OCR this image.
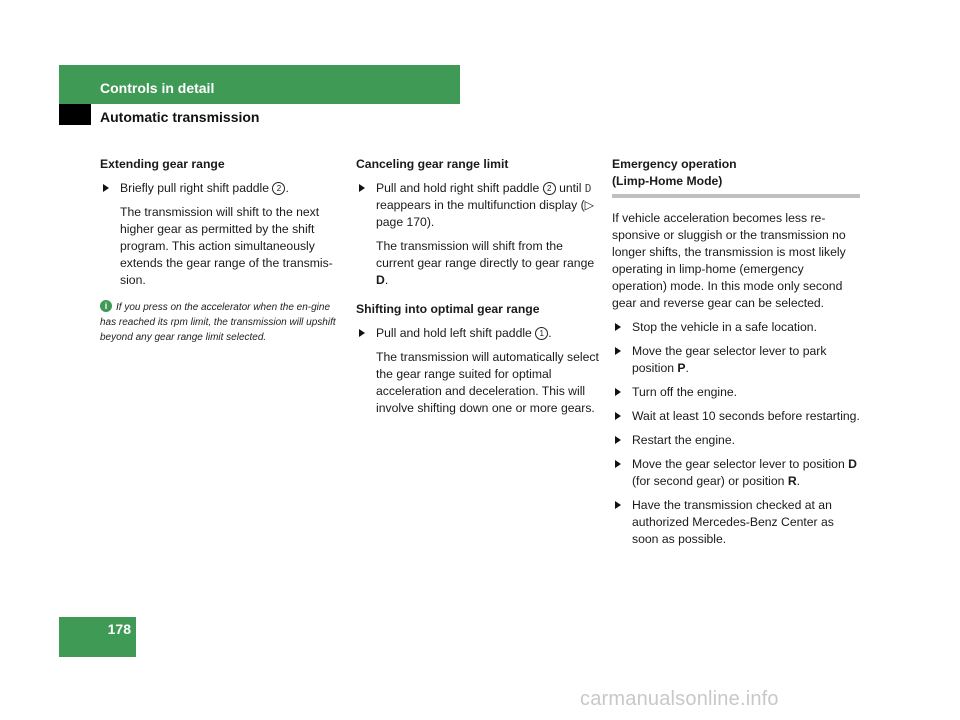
Controls in detail
Automatic transmission
178
Extending gear range
Briefly pull right shift paddle 2 .
The transmission will shift to the next higher gear as permitted by the shift program. This action simultaneously extends the gear range of the transmis-sion.
i If you press on the accelerator when the en-gine has reached its rpm limit, the transmission will upshift beyond any gear range limit selected.
Canceling gear range limit
Pull and hold right shift paddle 2 until D reappears in the multifunction display (▷ page 170).
The transmission will shift from the current gear range directly to gear range D.
Shifting into optimal gear range
Pull and hold left shift paddle 1 .
The transmission will automatically select the gear range suited for optimal acceleration and deceleration. This will involve shifting down one or more gears.
Emergency operation
(Limp-Home Mode)
If vehicle acceleration becomes less re-sponsive or sluggish or the transmission no longer shifts, the transmission is most likely operating in limp-home (emergency operation) mode. In this mode only second gear and reverse gear can be selected.
Stop the vehicle in a safe location.
Move the gear selector lever to park position P.
Turn off the engine.
Wait at least 10 seconds before restarting.
Restart the engine.
Move the gear selector lever to position D (for second gear) or position R.
Have the transmission checked at an authorized Mercedes-Benz Center as soon as possible.
carmanualsonline.info
